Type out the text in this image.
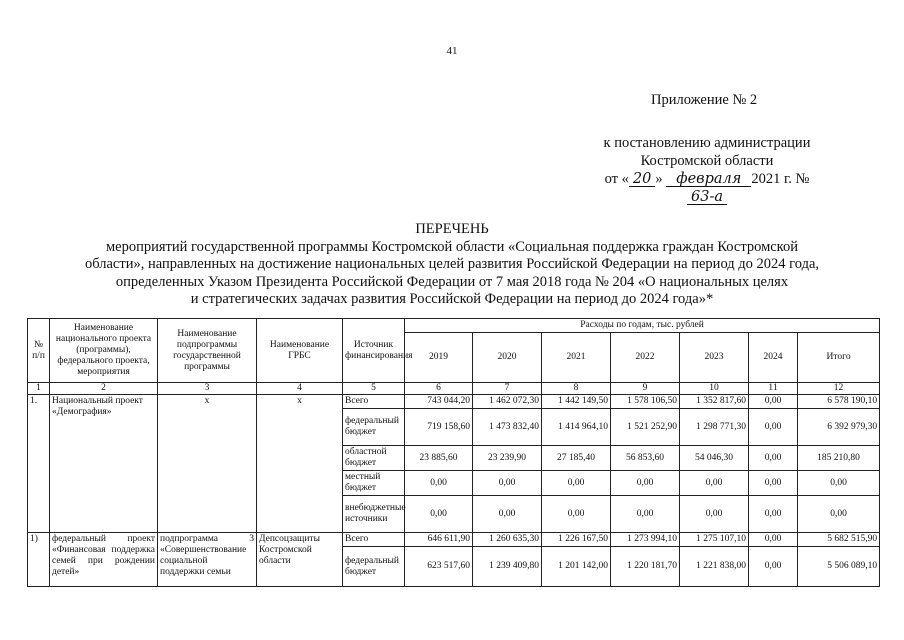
41
Приложение № 2
к постановлению администрации
Костромской области
от « 20 » февраля 2021 г. №63-а
ПЕРЕЧЕНЬ
мероприятий государственной программы Костромской области «Социальная поддержка граждан Костромской
области», направленных на достижение национальных целей развития Российской Федерации на период до 2024 года,
определенных Указом Президента Российской Федерации от 7 мая 2018 года № 204 «О национальных целях
и стратегических задачах развития Российской Федерации на период до 2024 года»*
№ п/п	Наименование национального проекта (программы), федерального проекта, мероприятия	Наименование подпрограммы государственной программы	Наименование ГРБС	Источник финансирования	Расходы по годам, тыс. рублей						
					2019	2020	2021	2022	2023	2024	Итого
1	2	3	4	5	6	7	8	9	10	11	12
1.	Национальный проект «Демография»	х	х	Всего	743 044,20	1 462 072,30	1 442 149,50	1 578 106,50	1 352 817,60	0,00	6 578 190,10
				федеральный бюджет	719 158,60	1 473 832,40	1 414 964,10	1 521 252,90	1 298 771,30	0,00	6 392 979,30
				областной бюджет	23 885,60	23 239,90	27 185,40	56 853,60	54 046,30	0,00	185 210,80
				местный бюджет	0,00	0,00	0,00	0,00	0,00	0,00	0,00
				внебюджетные источники	0,00	0,00	0,00	0,00	0,00	0,00	0,00
1)	федеральный проект «Финансовая поддержка семей при рождении детей»	подпрограмма 3 «Совершенствование социальной поддержки семьи	Депсоцзащиты Костромской области	Всего	646 611,90	1 260 635,30	1 226 167,50	1 273 994,10	1 275 107,10	0,00	5 682 515,90
				федеральный бюджет	623 517,60	1 239 409,80	1 201 142,00	1 220 181,70	1 221 838,00	0,00	5 506 089,10
